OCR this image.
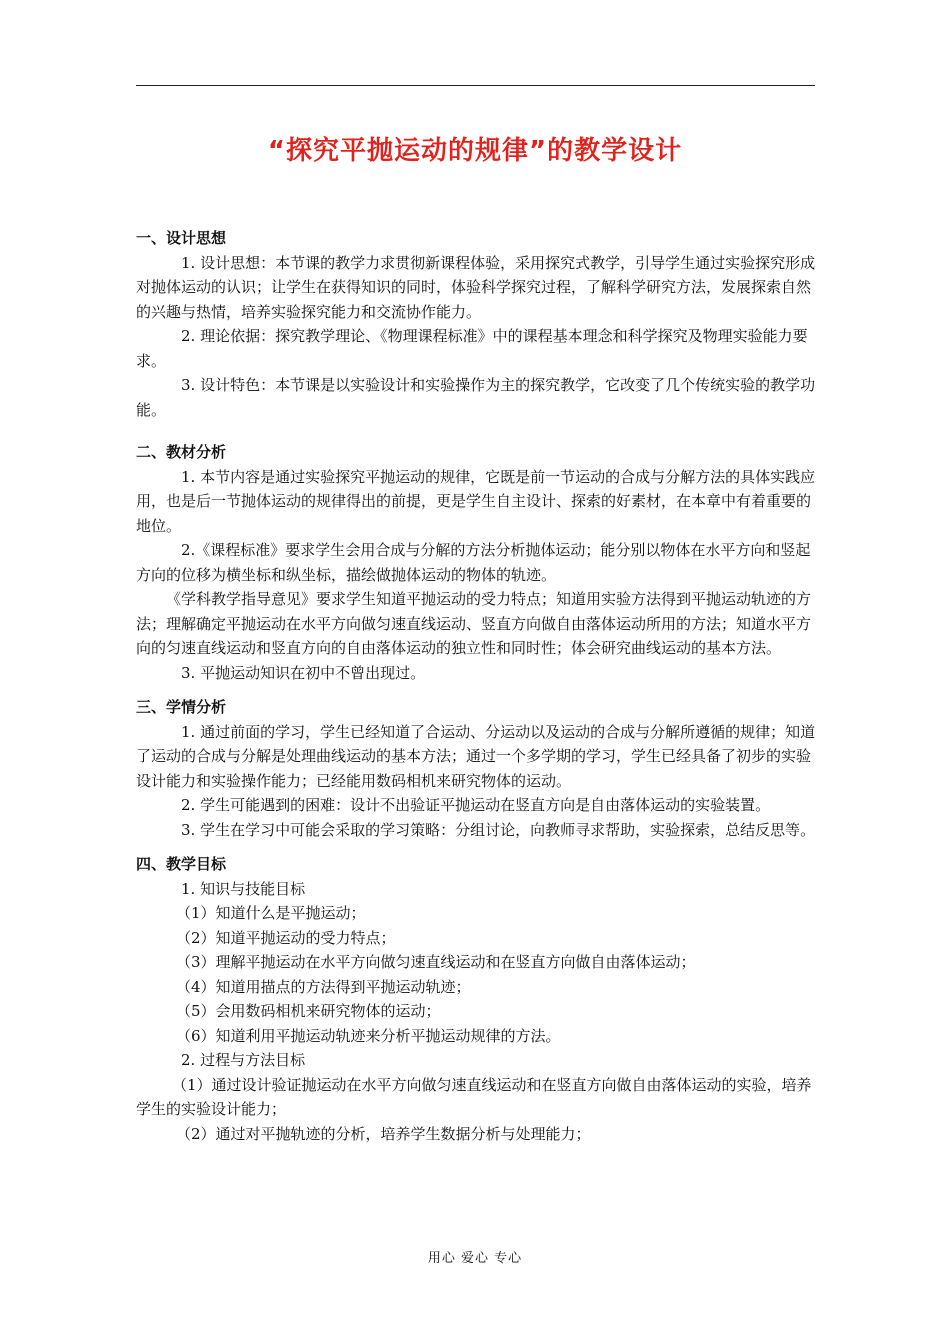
“探究平抛运动的规律”的教学设计

一、设计思想

1. 设计思想：本节课的教学力求贯彻新课程体验，采用探究式教学，引导学生通过实验探究形成对抛体运动的认识；让学生在获得知识的同时，体验科学探究过程，了解科学研究方法，发展探索自然的兴趣与热情，培养实验探究能力和交流协作能力。

2. 理论依据：探究教学理论、《物理课程标准》中的课程基本理念和科学探究及物理实验能力要求。

3. 设计特色：本节课是以实验设计和实验操作为主的探究教学，它改变了几个传统实验的教学功能。

二、教材分析

1. 本节内容是通过实验探究平抛运动的规律，它既是前一节运动的合成与分解方法的具体实践应用，也是后一节抛体运动的规律得出的前提，更是学生自主设计、探索的好素材，在本章中有着重要的地位。

2.《课程标准》要求学生会用合成与分解的方法分析抛体运动；能分别以物体在水平方向和竖起方向的位移为横坐标和纵坐标，描绘做抛体运动的物体的轨迹。

《学科教学指导意见》要求学生知道平抛运动的受力特点；知道用实验方法得到平抛运动轨迹的方法；理解确定平抛运动在水平方向做匀速直线运动、竖直方向做自由落体运动所用的方法；知道水平方向的匀速直线运动和竖直方向的自由落体运动的独立性和同时性；体会研究曲线运动的基本方法。

3. 平抛运动知识在初中不曾出现过。

三、学情分析

1. 通过前面的学习，学生已经知道了合运动、分运动以及运动的合成与分解所遵循的规律；知道了运动的合成与分解是处理曲线运动的基本方法；通过一个多学期的学习，学生已经具备了初步的实验设计能力和实验操作能力；已经能用数码相机来研究物体的运动。

2. 学生可能遇到的困难：设计不出验证平抛运动在竖直方向是自由落体运动的实验装置。

3. 学生在学习中可能会采取的学习策略：分组讨论，向教师寻求帮助，实验探索，总结反思等。

四、教学目标

1. 知识与技能目标

（1）知道什么是平抛运动；

（2）知道平抛运动的受力特点；

（3）理解平抛运动在水平方向做匀速直线运动和在竖直方向做自由落体运动；

（4）知道用描点的方法得到平抛运动轨迹；

（5）会用数码相机来研究物体的运动；

（6）知道利用平抛运动轨迹来分析平抛运动规律的方法。

2. 过程与方法目标

（1）通过设计验证抛运动在水平方向做匀速直线运动和在竖直方向做自由落体运动的实验，培养学生的实验设计能力；

（2）通过对平抛轨迹的分析，培养学生数据分析与处理能力；

用心 爱心 专心
